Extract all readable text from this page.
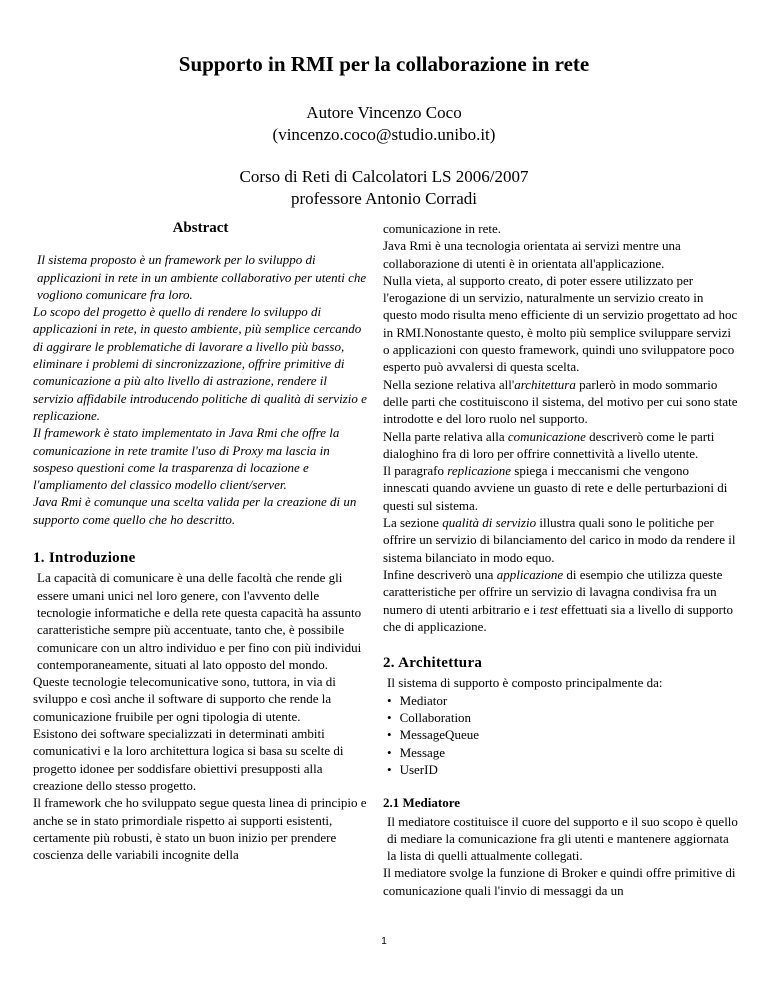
Supporto in RMI per la collaborazione in rete
Autore Vincenzo Coco
(vincenzo.coco@studio.unibo.it)
Corso di Reti di Calcolatori LS 2006/2007
professore Antonio Corradi
Abstract

Il sistema proposto è un framework per lo sviluppo di applicazioni in rete in un ambiente collaborativo per utenti che vogliono comunicare fra loro.

Lo scopo del progetto è quello di rendere lo sviluppo di applicazioni in rete, in questo ambiente, più semplice cercando di aggirare le problematiche di lavorare a livello più basso, eliminare i problemi di sincronizzazione, offrire primitive di comunicazione a più alto livello di astrazione, rendere il servizio affidabile introducendo politiche di qualità di servizio e replicazione.

Il framework è stato implementato in Java Rmi che offre la comunicazione in rete tramite l'uso di Proxy ma lascia in sospeso questioni come la trasparenza di locazione e l'ampliamento del classico modello client/server.

Java Rmi è comunque una scelta valida per la creazione di un supporto come quello che ho descritto.

1. Introduzione

La capacità di comunicare è una delle facoltà che rende gli essere umani unici nel loro genere, con l'avvento delle tecnologie informatiche e della rete questa capacità ha assunto caratteristiche sempre più accentuate, tanto che, è possibile comunicare con un altro individuo e per fino con più individui contemporaneamente, situati al lato opposto del mondo.

Queste tecnologie telecomunicative sono, tuttora, in via di sviluppo e così anche il software di supporto che rende la comunicazione fruibile per ogni tipologia di utente.

Esistono dei software specializzati in determinati ambiti comunicativi e la loro architettura logica si basa su scelte di progetto idonee per soddisfare obiettivi presupposti alla creazione dello stesso progetto.

Il framework che ho sviluppato segue questa linea di principio e anche se in stato primordiale rispetto ai supporti esistenti, certamente più robusti, è stato un buon inizio per prendere coscienza delle variabili incognite della

comunicazione in rete.

Java Rmi è una tecnologia orientata ai servizi mentre una collaborazione di utenti è in orientata all'applicazione.

Nulla vieta, al supporto creato, di poter essere utilizzato per l'erogazione di un servizio, naturalmente un servizio creato in questo modo risulta meno efficiente di un servizio progettato ad hoc in RMI.Nonostante questo, è molto più semplice sviluppare servizi o applicazioni con questo framework, quindi uno sviluppatore poco esperto può avvalersi di questa scelta.

Nella sezione relativa all'architettura parlerò in modo sommario delle parti che costituiscono il sistema, del motivo per cui sono state introdotte e del loro ruolo nel supporto.

Nella parte relativa alla comunicazione descriverò come le parti dialoghino fra di loro per offrire connettività a livello utente.

Il paragrafo replicazione spiega i meccanismi che vengono innescati quando avviene un guasto di rete e delle perturbazioni di questi sul sistema.

La sezione qualità di servizio illustra quali sono le politiche per offrire un servizio di bilanciamento del carico in modo da rendere il sistema bilanciato in modo equo.

Infine descriverò una applicazione di esempio che utilizza queste caratteristiche per offrire un servizio di lavagna condivisa fra un numero di utenti arbitrario e i test effettuati sia a livello di supporto che di applicazione.

2. Architettura

Il sistema di supporto è composto principalmente da:

• Mediator
• Collaboration
• MessageQueue
• Message
• UserID
2.1 Mediatore

Il mediatore costituisce il cuore del supporto e il suo scopo è quello di mediare la comunicazione fra gli utenti e mantenere aggiornata la lista di quelli attualmente collegati.

Il mediatore svolge la funzione di Broker e quindi offre primitive di comunicazione quali l'invio di messaggi da un

1
